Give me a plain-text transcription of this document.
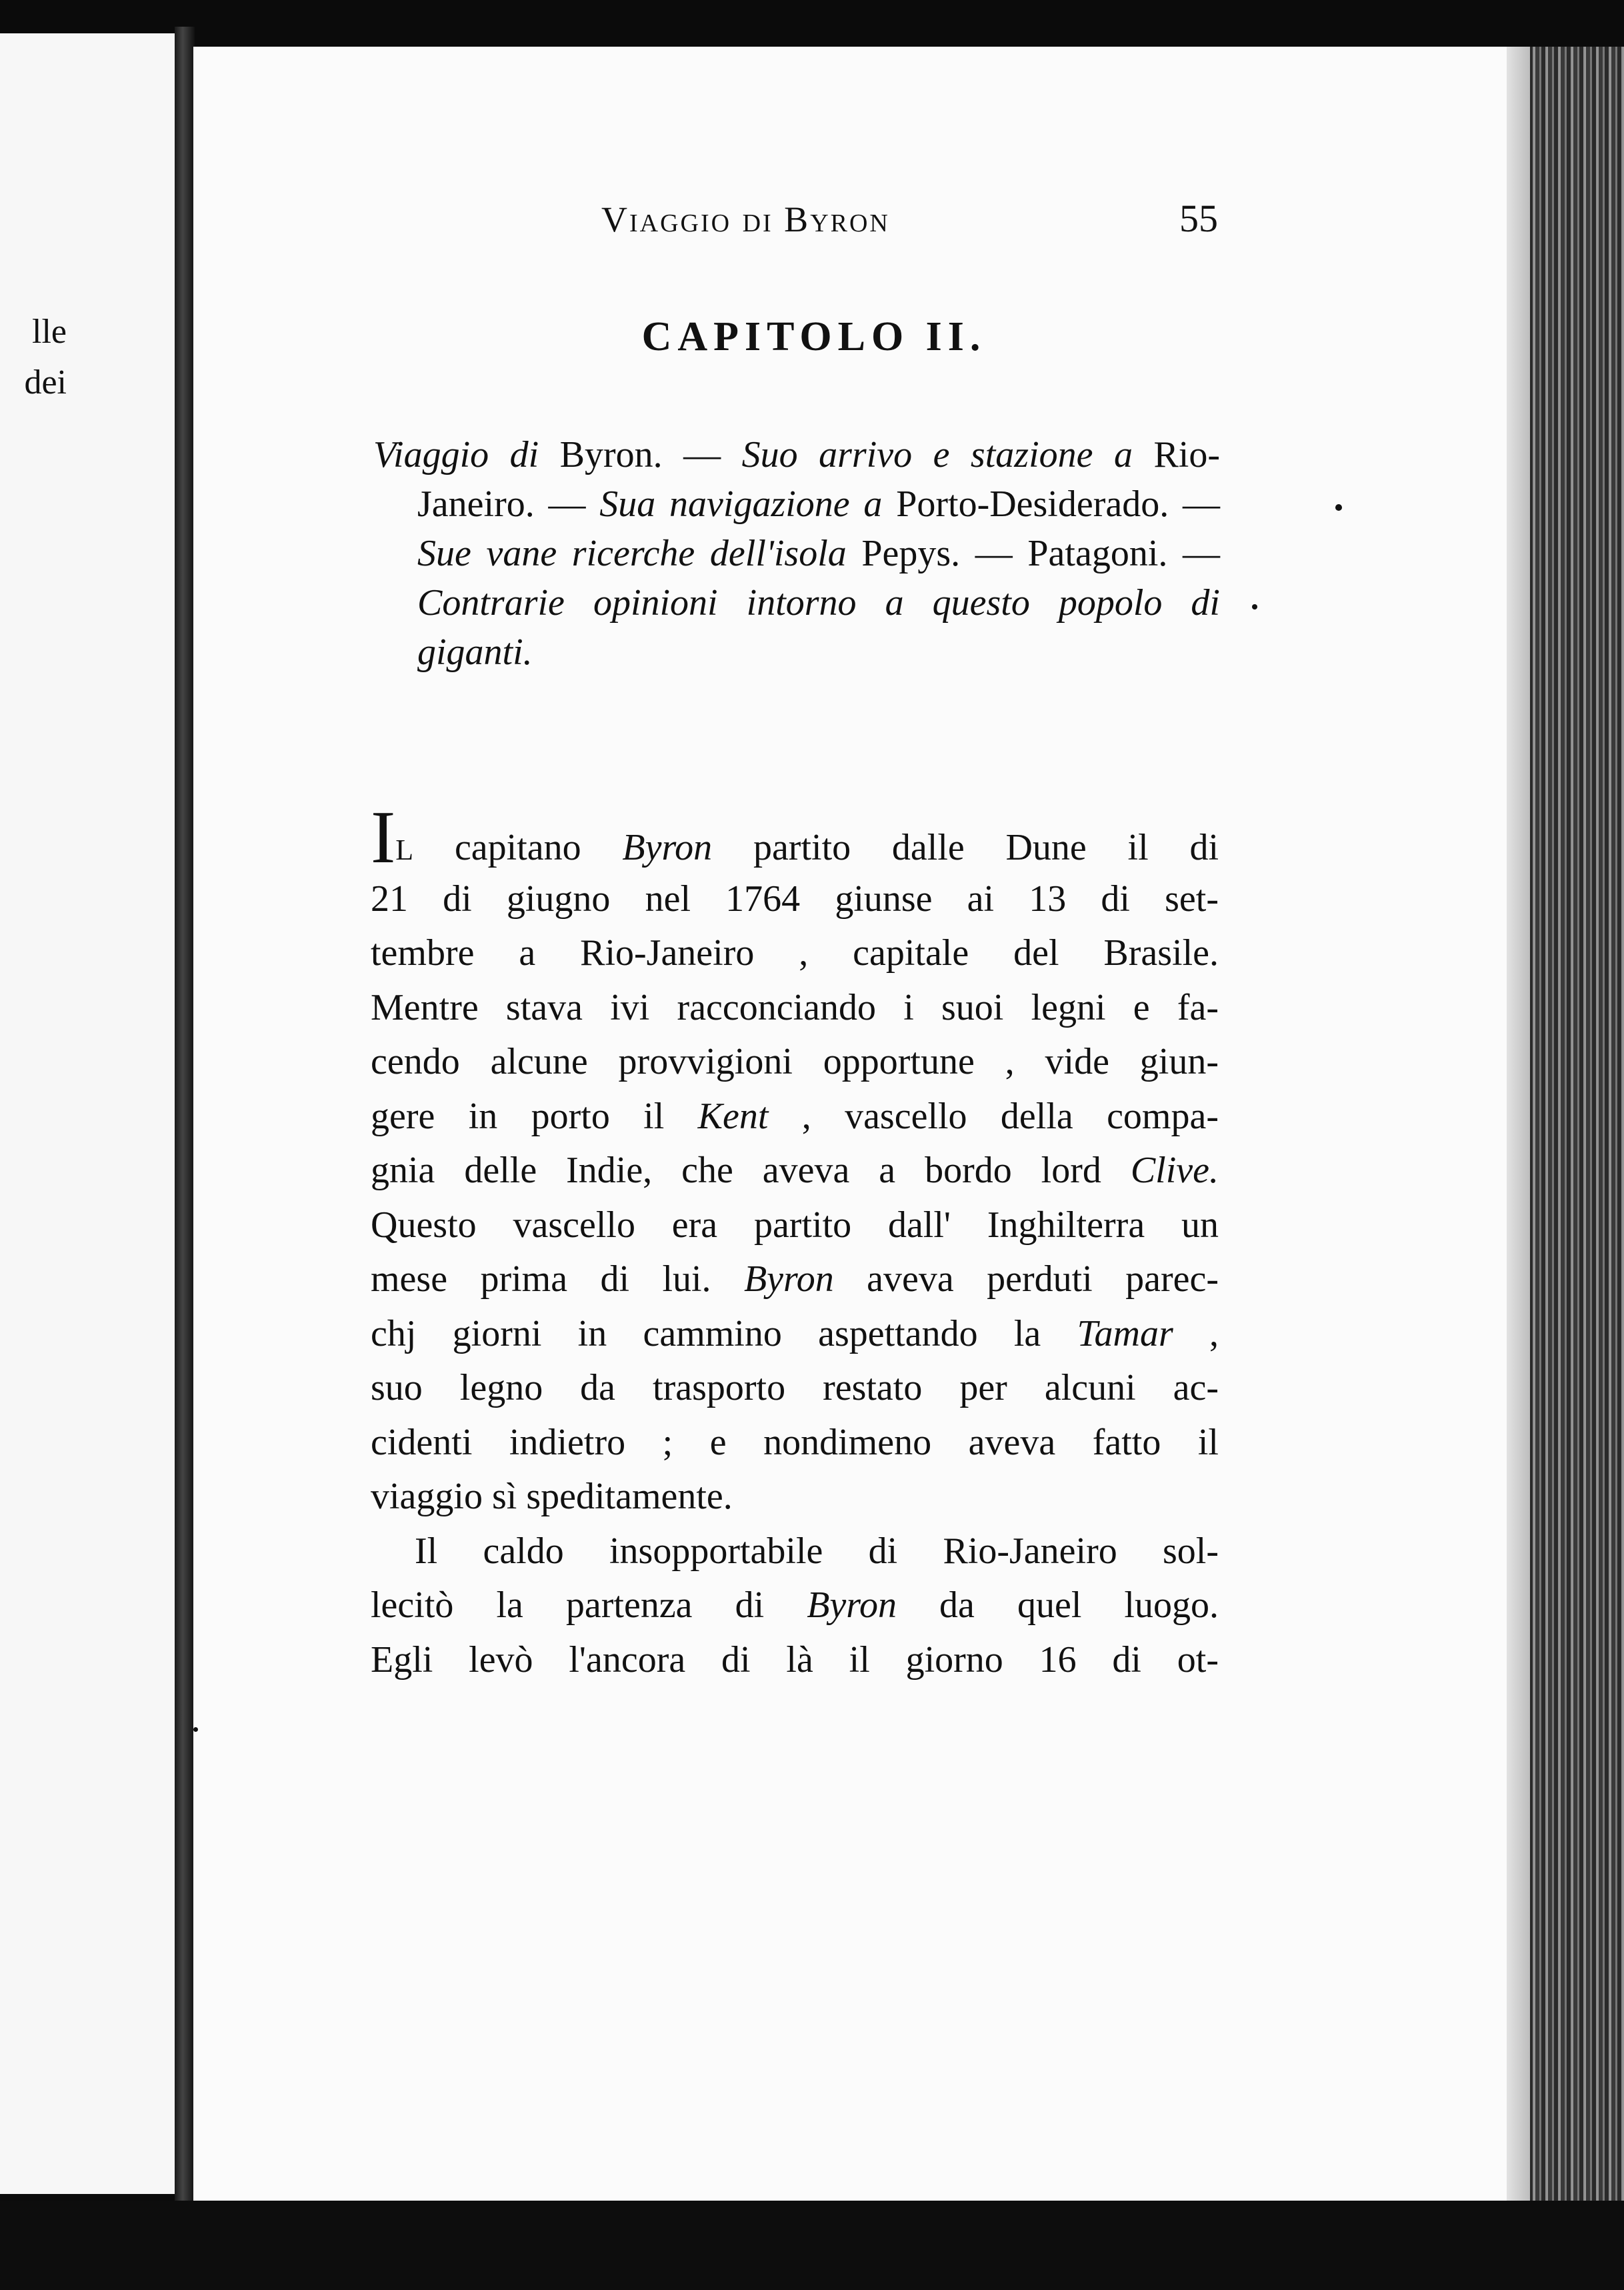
lle
dei
Viaggio di Byron	55
CAPITOLO II.
Viaggio di Byron. — Suo arrivo e stazione a Rio-Janeiro. — Sua navigazione a Porto-Desiderado. — Sue vane ricerche dell'isola Pepys. — Patagoni. — Contrarie opinioni intorno a questo popolo di giganti.
IL capitano Byron partito dalle Dune il di
21 di giugno nel 1764 giunse ai 13 di set-
tembre a Rio-Janeiro , capitale del Brasile.
Mentre stava ivi racconciando i suoi legni e fa-
cendo alcune provvigioni opportune , vide giun-
gere in porto il Kent , vascello della compa-
gnia delle Indie, che aveva a bordo lord Clive.
Questo vascello era partito dall' Inghilterra un
mese prima di lui. Byron aveva perduti parec-
chj giorni in cammino aspettando la Tamar ,
suo legno da trasporto restato per alcuni ac-
cidenti indietro ; e nondimeno aveva fatto il
viaggio sì speditamente.
Il caldo insopportabile di Rio-Janeiro sol-
lecitò la partenza di Byron da quel luogo.
Egli levò l'ancora di là il giorno 16 di ot-
